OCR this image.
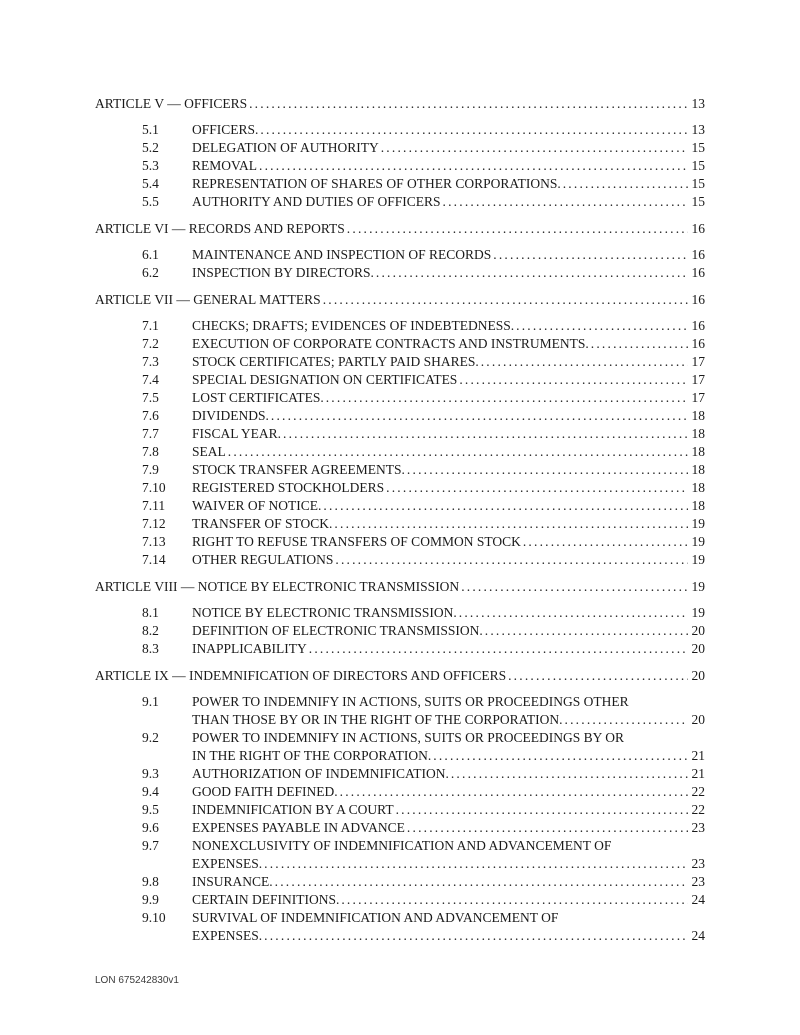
ARTICLE V — OFFICERS .....	13
5.1	OFFICERS. .....	13
5.2	DELEGATION OF AUTHORITY .....	15
5.3	REMOVAL .....	15
5.4	REPRESENTATION OF SHARES OF OTHER CORPORATIONS. .....	15
5.5	AUTHORITY AND DUTIES OF OFFICERS .....	15
ARTICLE VI — RECORDS AND REPORTS .....	16
6.1	MAINTENANCE AND INSPECTION OF RECORDS .....	16
6.2	INSPECTION BY DIRECTORS. .....	16
ARTICLE VII — GENERAL MATTERS .....	16
7.1	CHECKS; DRAFTS; EVIDENCES OF INDEBTEDNESS. .....	16
7.2	EXECUTION OF CORPORATE CONTRACTS AND INSTRUMENTS. .....	16
7.3	STOCK CERTIFICATES; PARTLY PAID SHARES. .....	17
7.4	SPECIAL DESIGNATION ON CERTIFICATES .....	17
7.5	LOST CERTIFICATES. .....	17
7.6	DIVIDENDS. .....	18
7.7	FISCAL YEAR. .....	18
7.8	SEAL .....	18
7.9	STOCK TRANSFER AGREEMENTS. .....	18
7.10	REGISTERED STOCKHOLDERS .....	18
7.11	WAIVER OF NOTICE. .....	18
7.12	TRANSFER OF STOCK. .....	19
7.13	RIGHT TO REFUSE TRANSFERS OF COMMON STOCK .....	19
7.14	OTHER REGULATIONS .....	19
ARTICLE VIII — NOTICE BY ELECTRONIC TRANSMISSION .....	19
8.1	NOTICE BY ELECTRONIC TRANSMISSION. .....	19
8.2	DEFINITION OF ELECTRONIC TRANSMISSION. .....	20
8.3	INAPPLICABILITY .....	20
ARTICLE IX — INDEMNIFICATION OF DIRECTORS AND OFFICERS .....	20
9.1	POWER TO INDEMNIFY IN ACTIONS, SUITS OR PROCEEDINGS OTHER
THAN THOSE BY OR IN THE RIGHT OF THE CORPORATION. .....	20
9.2	POWER TO INDEMNIFY IN ACTIONS, SUITS OR PROCEEDINGS BY OR
IN THE RIGHT OF THE CORPORATION. .....	21
9.3	AUTHORIZATION OF INDEMNIFICATION. .....	21
9.4	GOOD FAITH DEFINED. .....	22
9.5	INDEMNIFICATION BY A COURT .....	22
9.6	EXPENSES PAYABLE IN ADVANCE .....	23
9.7	NONEXCLUSIVITY OF INDEMNIFICATION AND ADVANCEMENT OF
EXPENSES. .....	23
9.8	INSURANCE. .....	23
9.9	CERTAIN DEFINITIONS. .....	24
9.10	SURVIVAL OF INDEMNIFICATION AND ADVANCEMENT OF
EXPENSES. .....	24
LON 675242830v1
